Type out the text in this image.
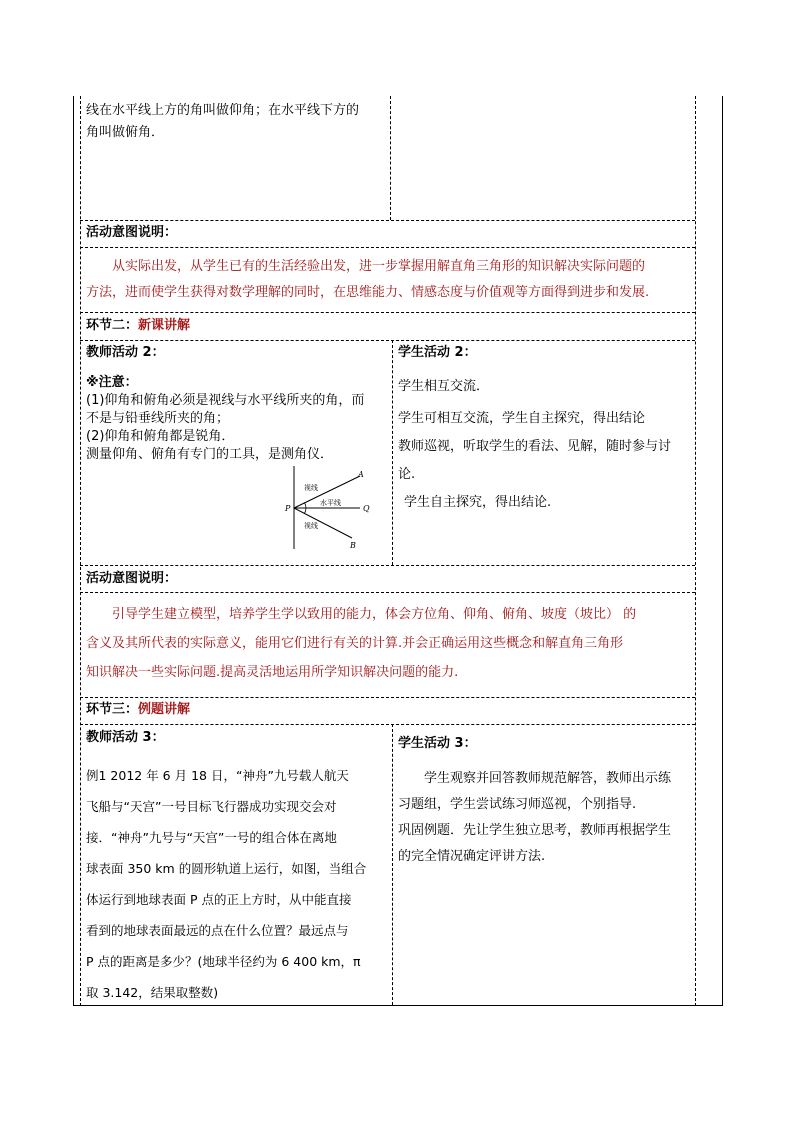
线在水平线上方的角叫做仰角；在水平线下方的
角叫做俯角．
活动意图说明：
从实际出发，从学生已有的生活经验出发，进一步掌握用解直角三角形的知识解决实际问题的
方法，进而使学生获得对数学理解的同时，在思维能力、情感态度与价值观等方面得到进步和发展.
环节二：新课讲解
教师活动 2：
※注意：
(1)仰角和俯角必须是视线与水平线所夹的角，而
不是与铅垂线所夹的角；
(2)仰角和俯角都是锐角．
测量仰角、俯角有专门的工具，是测角仪．
A
B
P	Q
视线
水平线
视线
学生活动 2：
学生相互交流．
学生可相互交流，学生自主探究，得出结论
教师巡视，听取学生的看法、见解，随时参与讨
论.
学生自主探究，得出结论.
活动意图说明：
引导学生建立模型，培养学生学以致用的能力，体会方位角、仰角、俯角、坡度（坡比） 的
含义及其所代表的实际意义，能用它们进行有关的计算.并会正确运用这些概念和解直角三角形
知识解决一些实际问题.提高灵活地运用所学知识解决问题的能力.
环节三：例题讲解
教师活动 3：
例1 2012 年 6 月 18 日，“神舟”九号载人航天
飞船与“天宫”一号目标飞行器成功实现交会对
接．“神舟”九号与“天宫”一号的组合体在离地
球表面 350 km 的圆形轨道上运行，如图，当组合
体运行到地球表面 P 点的正上方时，从中能直接
看到的地球表面最远的点在什么位置？最远点与
P 点的距离是多少？(地球半径约为 6 400 km，π
取 3.142，结果取整数)
学生活动 3：
学生观察并回答教师规范解答，教师出示练
习题组，学生尝试练习师巡视，个别指导.
巩固例题．先让学生独立思考，教师再根据学生
的完全情况确定评讲方法.
